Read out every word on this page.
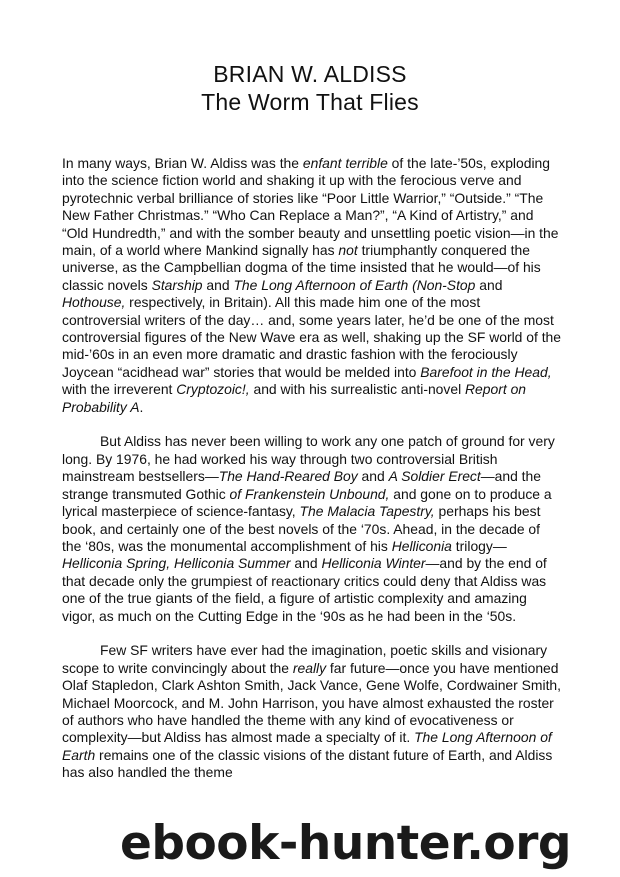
BRIAN W. ALDISS
The Worm That Flies

In many ways, Brian W. Aldiss was the enfant terrible of the late-’50s, exploding into the science fiction world and shaking it up with the ferocious verve and pyrotechnic verbal brilliance of stories like “Poor Little Warrior,” “Outside.” “The New Father Christmas.” “Who Can Replace a Man?”, “A Kind of Artistry,” and “Old Hundredth,” and with the somber beauty and unsettling poetic vision—in the main, of a world where Mankind signally has not triumphantly conquered the universe, as the Campbellian dogma of the time insisted that he would—of his classic novels Starship and The Long Afternoon of Earth (Non-Stop and Hothouse, respectively, in Britain). All this made him one of the most controversial writers of the day… and, some years later, he’d be one of the most controversial figures of the New Wave era as well, shaking up the SF world of the mid-’60s in an even more dramatic and drastic fashion with the ferociously Joycean “acidhead war” stories that would be melded into Barefoot in the Head, with the irreverent Cryptozoic!, and with his surrealistic anti-novel Report on Probability A.

But Aldiss has never been willing to work any one patch of ground for very long. By 1976, he had worked his way through two controversial British mainstream bestsellers—The Hand-Reared Boy and A Soldier Erect—and the strange transmuted Gothic of Frankenstein Unbound, and gone on to produce a lyrical masterpiece of science-fantasy, The Malacia Tapestry, perhaps his best book, and certainly one of the best novels of the ‘70s. Ahead, in the decade of the ‘80s, was the monumental accomplishment of his Helliconia trilogy—Helliconia Spring, Helliconia Summer and Helliconia Winter—and by the end of that decade only the grumpiest of reactionary critics could deny that Aldiss was one of the true giants of the field, a figure of artistic complexity and amazing vigor, as much on the Cutting Edge in the ‘90s as he had been in the ‘50s.

Few SF writers have ever had the imagination, poetic skills and visionary scope to write convincingly about the really far future—once you have mentioned Olaf Stapledon, Clark Ashton Smith, Jack Vance, Gene Wolfe, Cordwainer Smith, Michael Moorcock, and M. John Harrison, you have almost exhausted the roster of authors who have handled the theme with any kind of evocativeness or complexity—but Aldiss has almost made a specialty of it. The Long Afternoon of Earth remains one of the classic visions of the distant future of Earth, and Aldiss has also handled the theme

ebook-hunter.org
